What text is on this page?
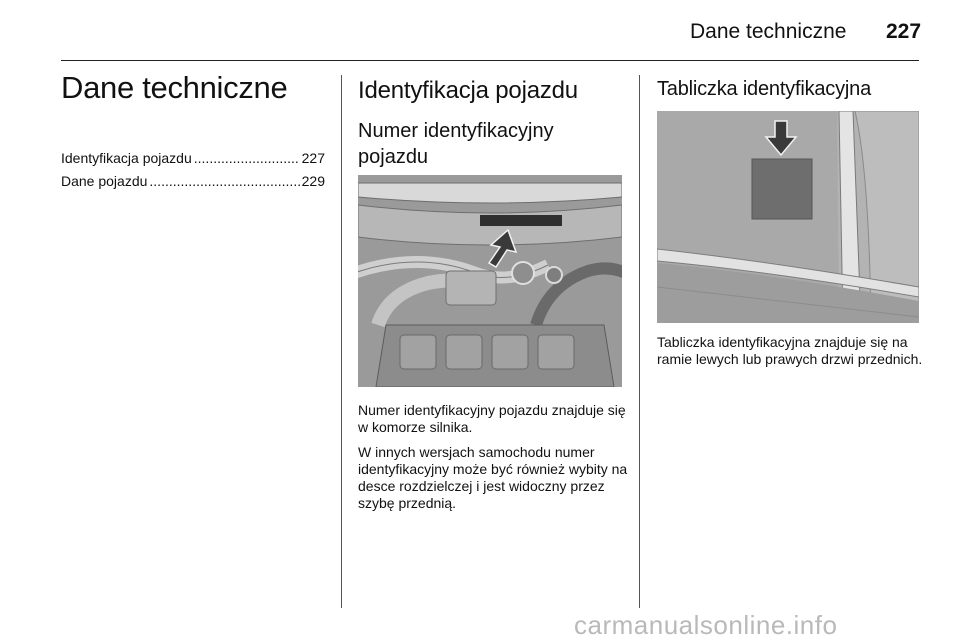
Dane techniczne 227
Dane techniczne
Identyfikacja pojazdu .....	227
Dane pojazdu .....	229
Identyfikacja pojazdu
Numer identyfikacyjny pojazdu

Numer identyfikacyjny pojazdu znajduje się w komorze silnika.

W innych wersjach samochodu numer identyfikacyjny może być również wybity na desce rozdzielczej i jest widoczny przez szybę przednią.

Tabliczka identyfikacyjna

Tabliczka identyfikacyjna znajduje się na ramie lewych lub prawych drzwi przednich.

carmanualsonline.info
